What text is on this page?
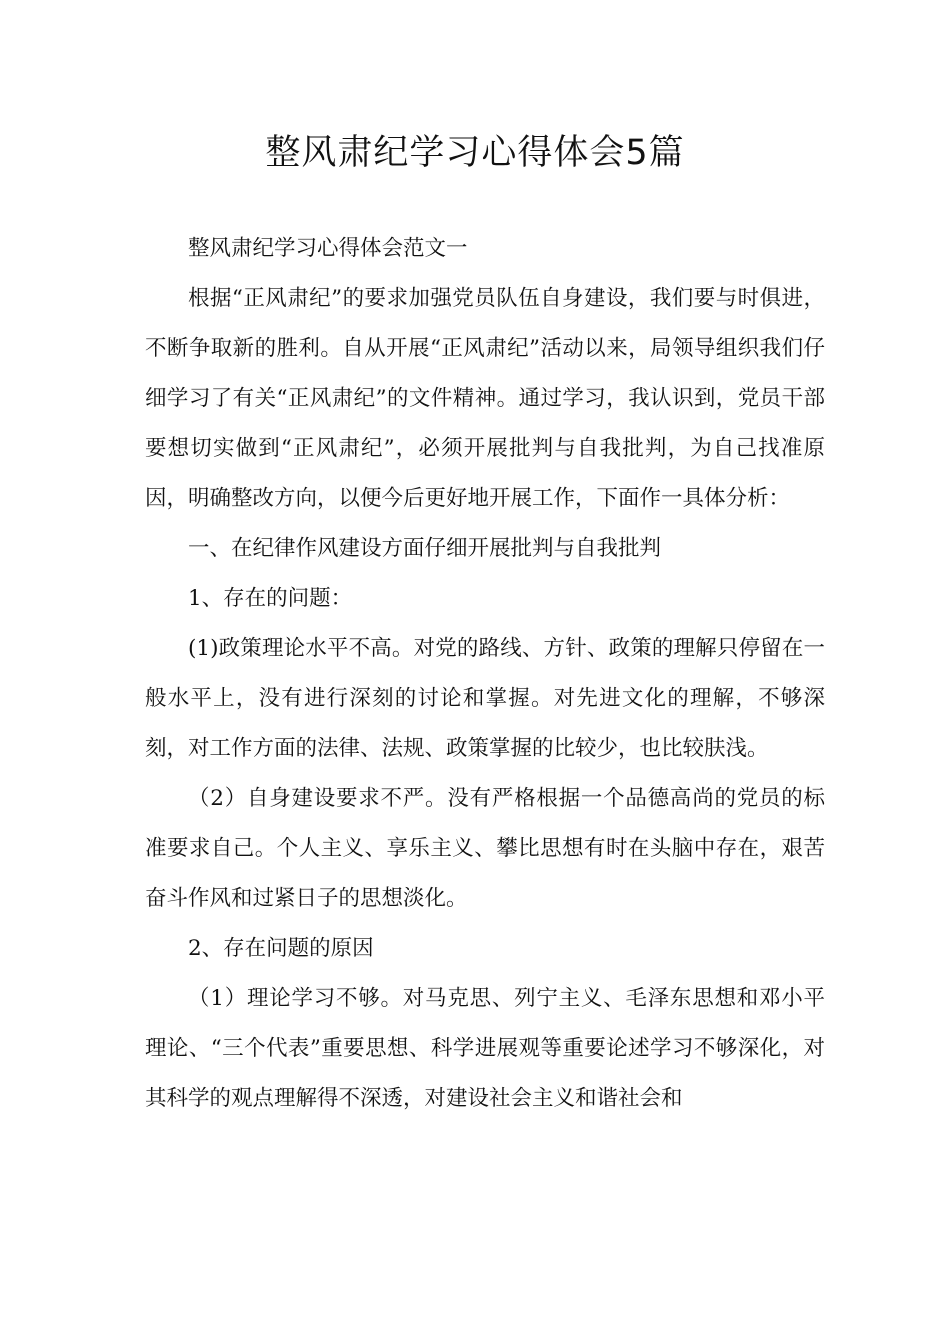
整风肃纪学习心得体会5篇

整风肃纪学习心得体会范文一

根据“正风肃纪”的要求加强党员队伍自身建设，我们要与时俱进，不断争取新的胜利。自从开展“正风肃纪”活动以来，局领导组织我们仔细学习了有关“正风肃纪”的文件精神。通过学习，我认识到，党员干部要想切实做到“正风肃纪”，必须开展批判与自我批判，为自己找准原因，明确整改方向，以便今后更好地开展工作，下面作一具体分析：

一、在纪律作风建设方面仔细开展批判与自我批判

1、存在的问题：

(1)政策理论水平不高。对党的路线、方针、政策的理解只停留在一般水平上，没有进行深刻的讨论和掌握。对先进文化的理解，不够深刻，对工作方面的法律、法规、政策掌握的比较少，也比较肤浅。

（2）自身建设要求不严。没有严格根据一个品德高尚的党员的标准要求自己。个人主义、享乐主义、攀比思想有时在头脑中存在，艰苦奋斗作风和过紧日子的思想淡化。

2、存在问题的原因

（1）理论学习不够。对马克思、列宁主义、毛泽东思想和邓小平理论、“三个代表”重要思想、科学进展观等重要论述学习不够深化，对其科学的观点理解得不深透，对建设社会主义和谐社会和
